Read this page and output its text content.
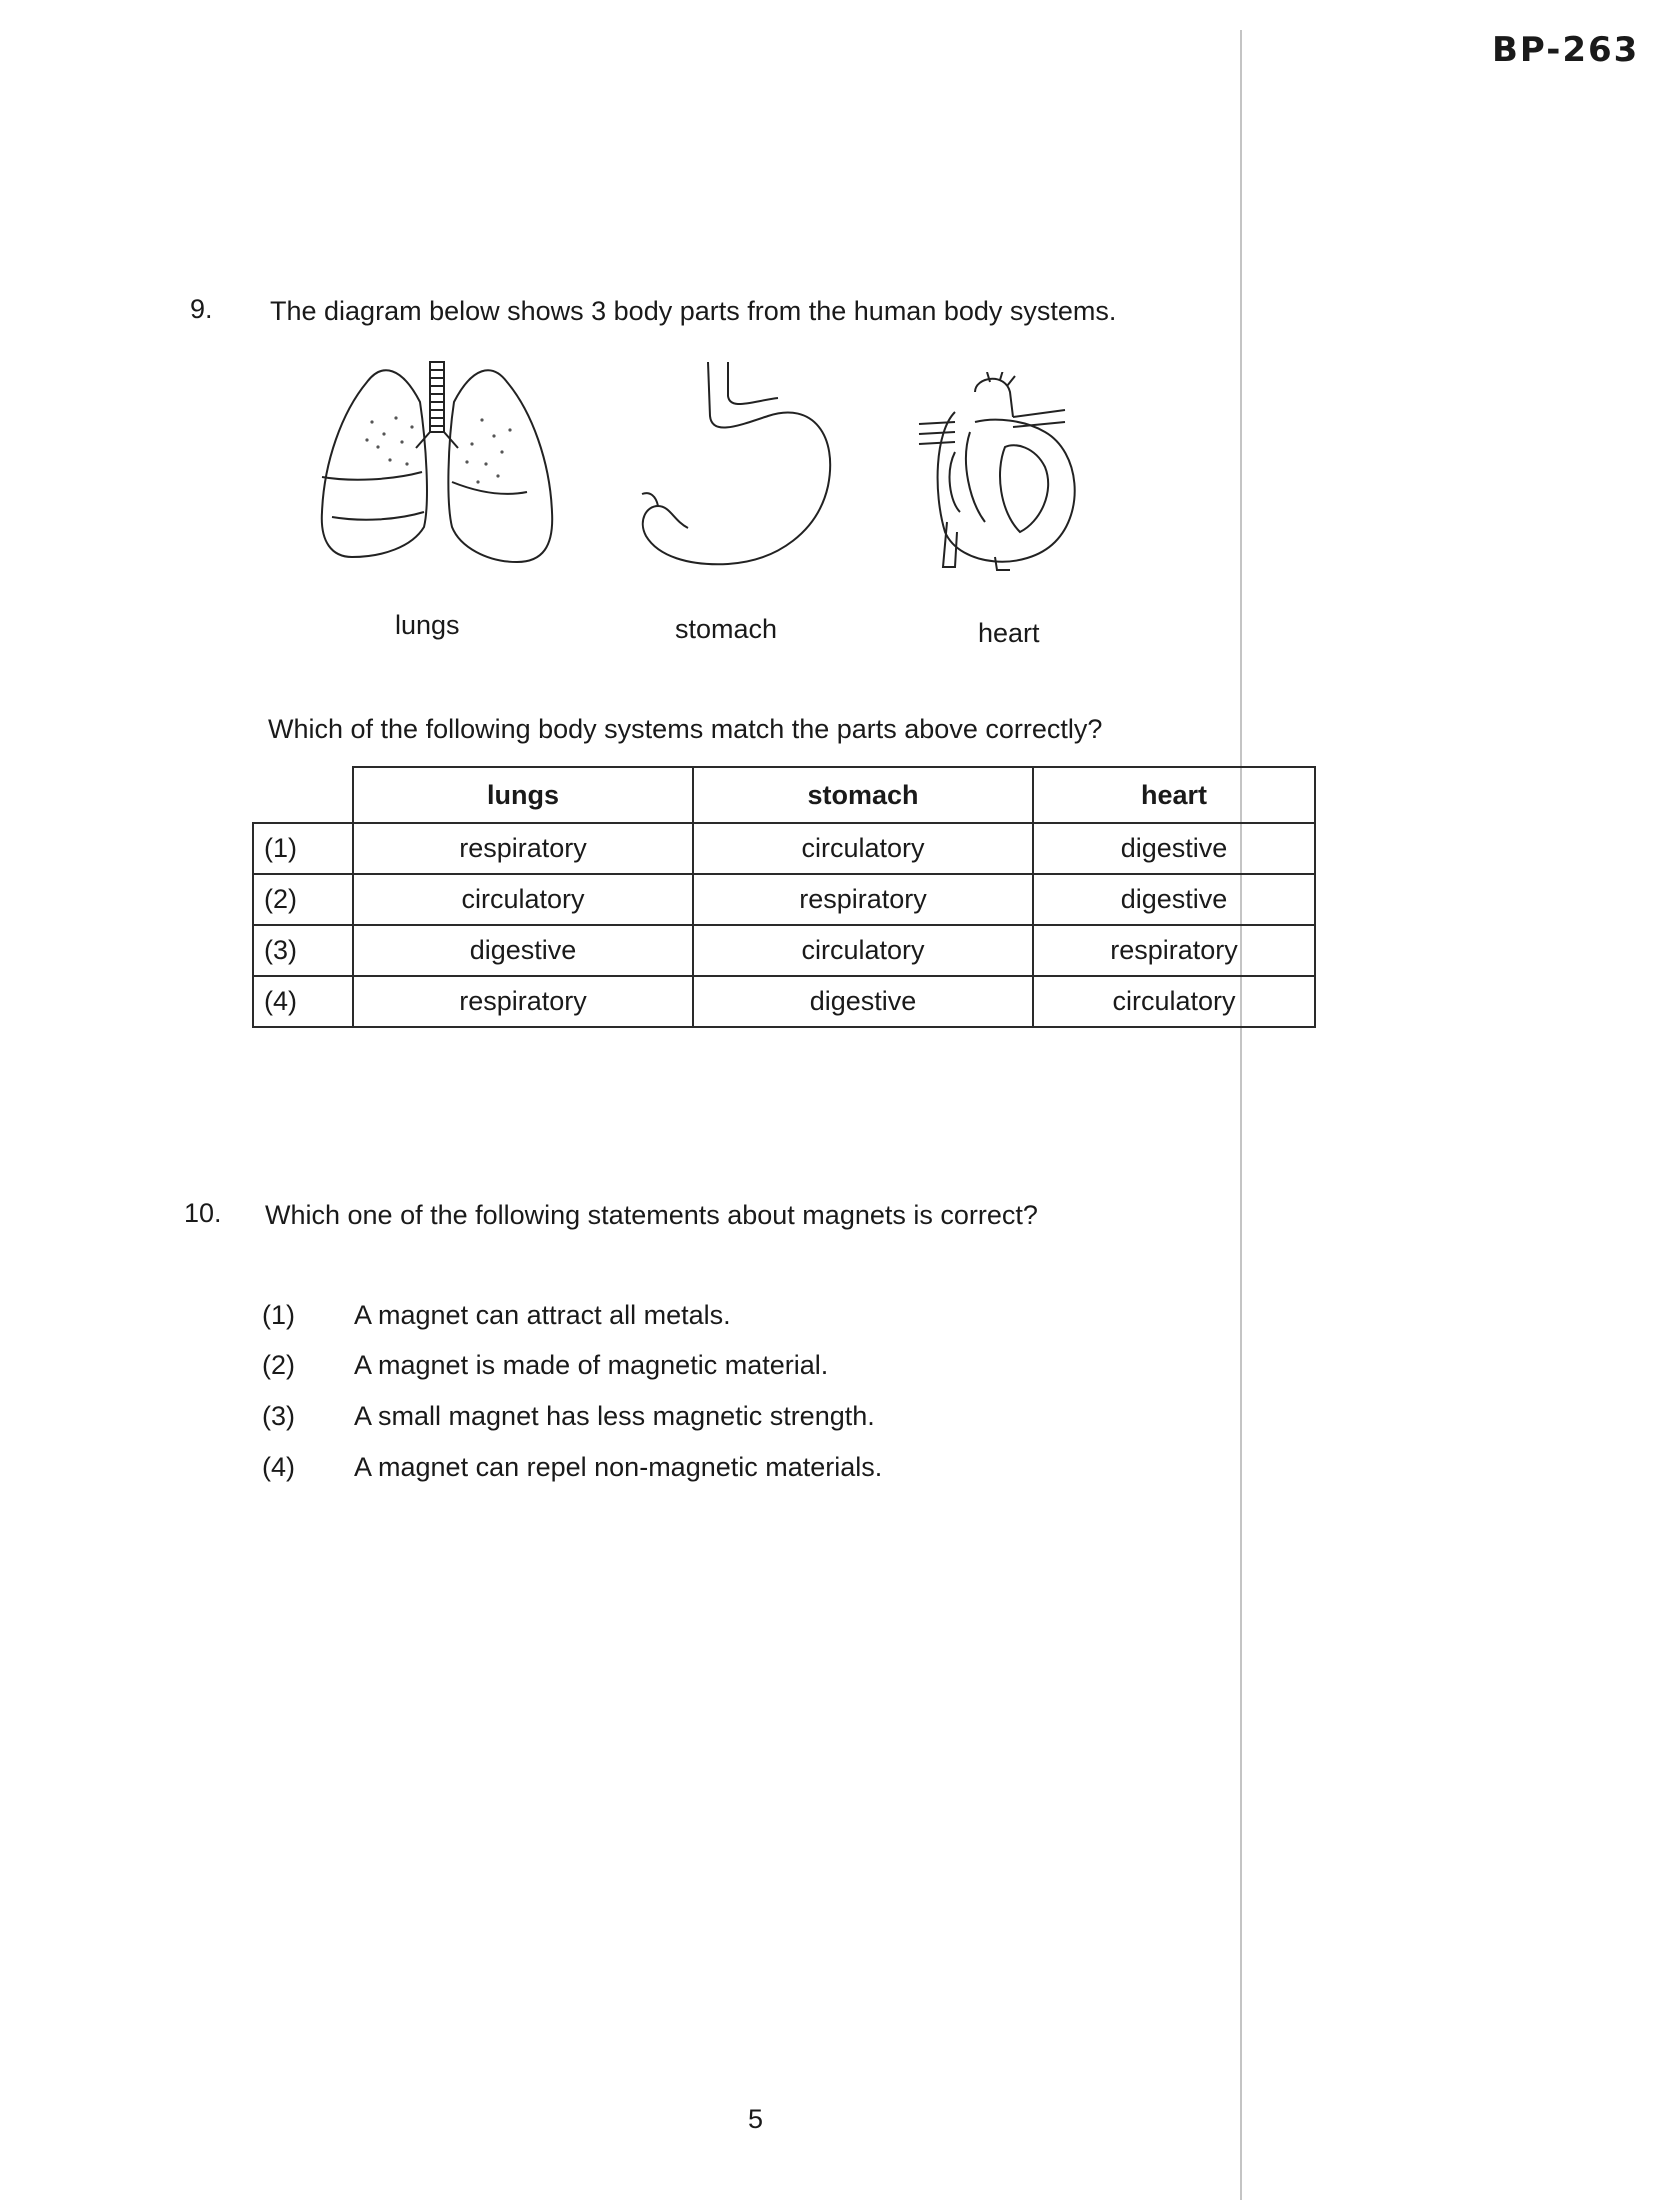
BP-263
9. The diagram below shows 3 body parts from the human body systems.
lungs	stomach	heart
Which of the following body systems match the parts above correctly?
	lungs	stomach	heart
(1)	respiratory	circulatory	digestive
(2)	circulatory	respiratory	digestive
(3)	digestive	circulatory	respiratory
(4)	respiratory	digestive	circulatory
10. Which one of the following statements about magnets is correct?
(1) A magnet can attract all metals.
(2) A magnet is made of magnetic material.
(3) A small magnet has less magnetic strength.
(4) A magnet can repel non-magnetic materials.
5
